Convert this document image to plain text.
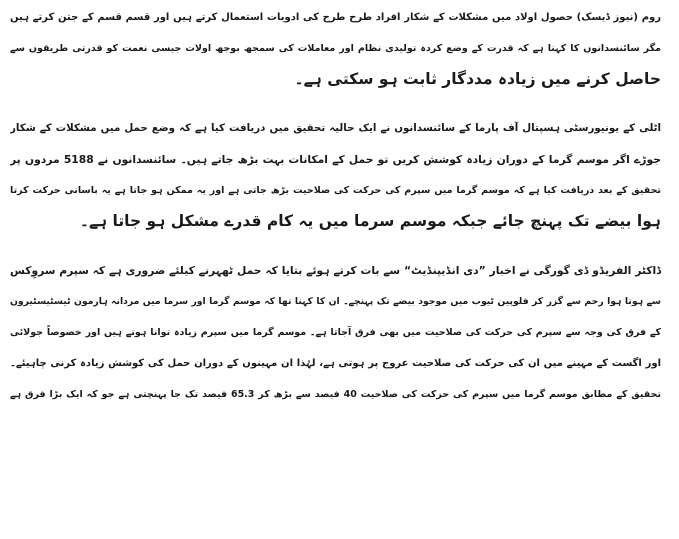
روم (نیوز ڈیسک) حصول اولاد میں مشکلات کے شکار افراد طرح طرح کی ادویات استعمال کرتے ہیں اور قسم قسم کے جتن کرتے ہیں
مگر سائنسدانوں کا کہنا ہے کہ قدرت کے وضع کردہ تولیدی نظام اور معاملات کی سمجھ بوجھ اولات جیسی نعمت کو قدرتی طریقوں سے
حاصل کرنے میں زیادہ مددگار ثابت ہو سکتی ہے۔
اٹلی کے یونیورسٹی ہسپتال آف پارما کے سائنسدانوں نے ایک حالیہ تحقیق میں دریافت کیا ہے کہ وضع حمل میں مشکلات کے شکار
جوڑے اگر موسم گرما کے دوران زیادہ کوشش کریں تو حمل کے امکانات بہت بڑھ جاتے ہیں۔ سائنسدانوں نے 5188 مردوں پر
تحقیق کے بعد دریافت کیا ہے کہ موسم گرما میں سپرم کی حرکت کی صلاحیت بڑھ جاتی ہے اور یہ ممکن ہو جاتا ہے یہ باسانی حرکت کرتا
ہوا بیضے تک پہنچ جائے جبکہ موسم سرما میں یہ کام قدرے مشکل ہو جاتا ہے۔
ڈاکٹر الفریڈو ڈی گورگی نے اخبار ”دی انڈیپنڈیٹ“ سے بات کرتے ہوئے بتایا کہ حمل ٹھہرنے کیلئے ضروری ہے کہ سپرم سروِکس
سے ہوتا ہوا رحم سے گزر کر فلوپین ٹیوب میں موجود بیضے تک پہنچے۔ ان کا کہنا تھا کہ موسم گرما اور سرما میں مردانہ ہارمون ٹیسٹیسٹیرون
کے فرق کی وجہ سے سپرم کی حرکت کی صلاحیت میں بھی فرق آجاتا ہے۔ موسم گرما میں سپرم زیادہ توانا ہوتے ہیں اور خصوصاً جولائی
اور اگست کے مہینے میں ان کی حرکت کی صلاحیت عروج پر ہوتی ہے، لہٰذا ان مہینوں کے دوران حمل کی کوشش زیادہ کرنی چاہیئے۔
تحقیق کے مطابق موسم گرما میں سپرم کی حرکت کی صلاحیت 40 فیصد سے بڑھ کر 65.3 فیصد تک جا پہنچتی ہے جو کہ ایک بڑا فرق ہے
